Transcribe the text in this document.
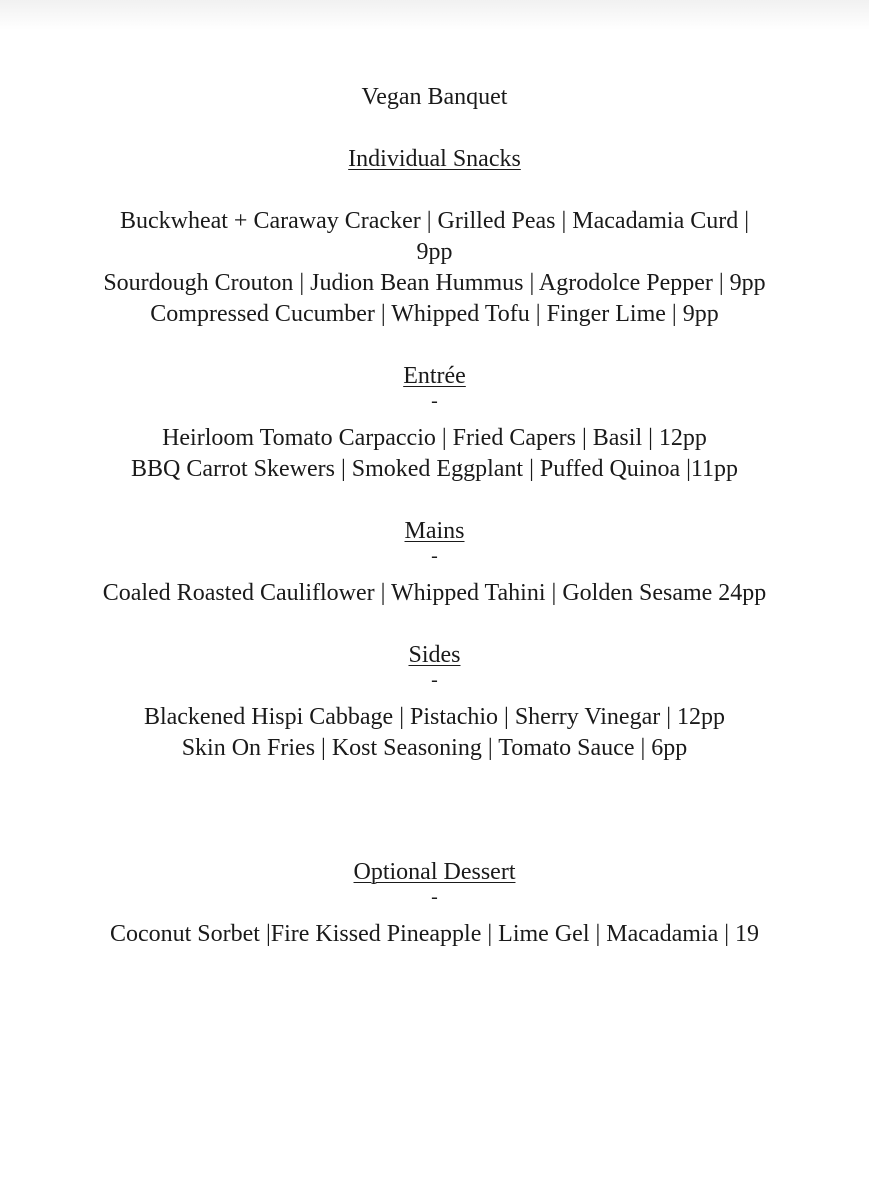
Vegan Banquet
Individual Snacks
Buckwheat + Caraway Cracker | Grilled Peas | Macadamia Curd | 9pp
Sourdough Crouton | Judion Bean Hummus | Agrodolce Pepper | 9pp
Compressed Cucumber | Whipped Tofu | Finger Lime | 9pp
Entrée
-
Heirloom Tomato Carpaccio | Fried Capers | Basil | 12pp
BBQ Carrot Skewers | Smoked Eggplant | Puffed Quinoa |11pp
Mains
-
Coaled Roasted Cauliflower | Whipped Tahini | Golden Sesame 24pp
Sides
-
Blackened Hispi Cabbage | Pistachio | Sherry Vinegar | 12pp
Skin On Fries | Kost Seasoning | Tomato Sauce | 6pp
Optional Dessert
-
Coconut Sorbet |Fire Kissed Pineapple | Lime Gel | Macadamia | 19
